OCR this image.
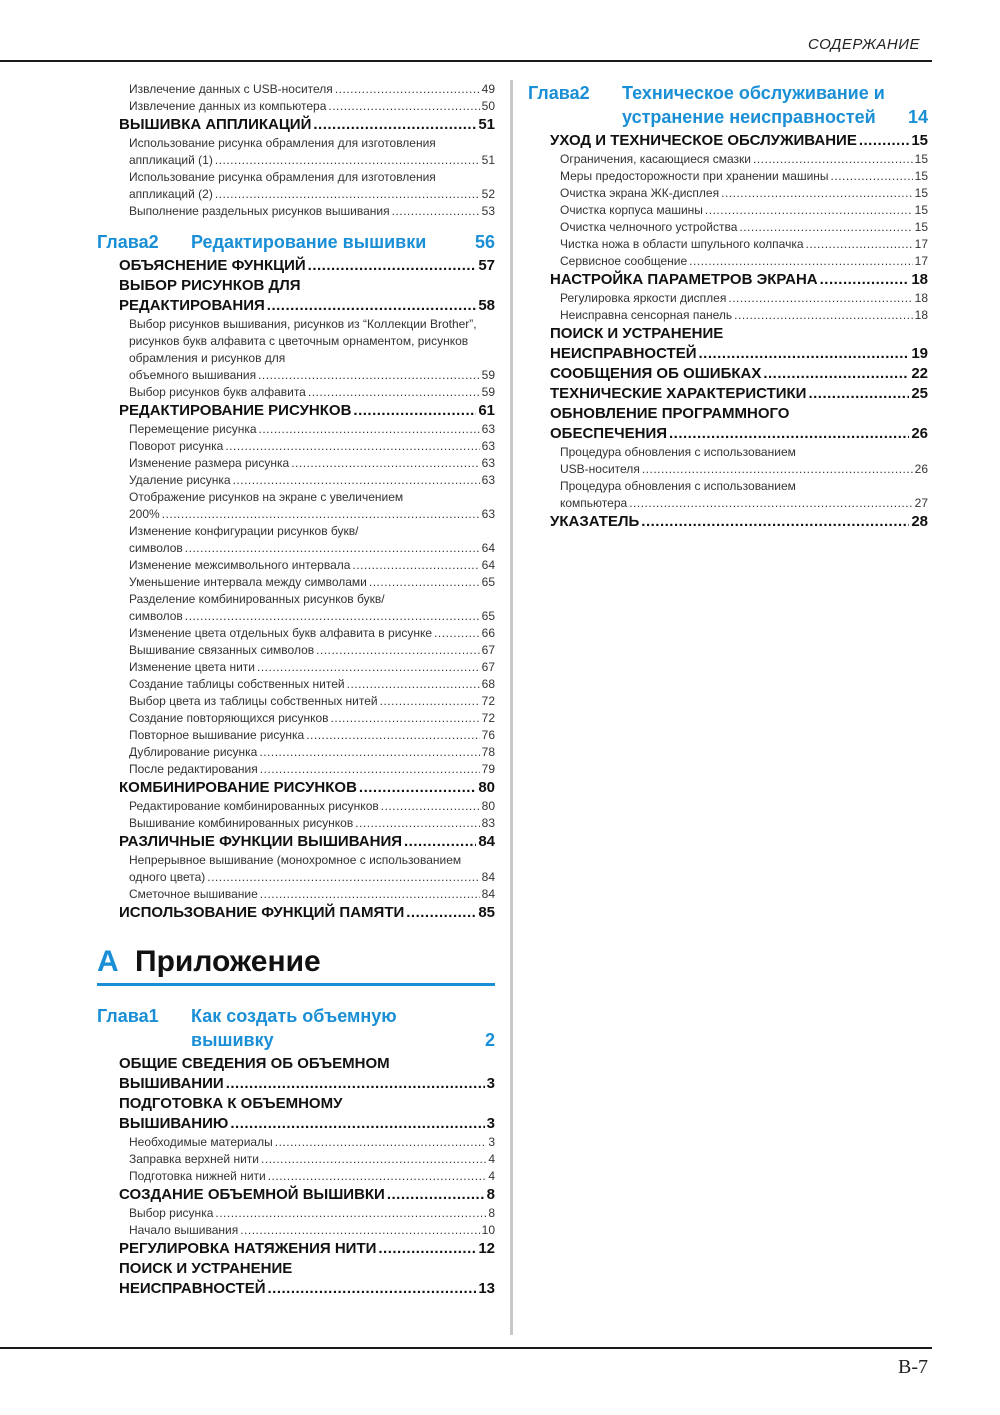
СОДЕРЖАНИЕ
Извлечение данных с USB-носителя .....	49
Извлечение данных из компьютера .....	50
ВЫШИВКА АППЛИКАЦИЙ .....	51
Использование рисунка обрамления для изготовления
аппликаций (1) .....	51
Использование рисунка обрамления для изготовления
аппликаций (2) .....	52
Выполнение раздельных рисунков вышивания .....	53
Глава2	Редактирование вышивки	56
ОБЪЯСНЕНИЕ ФУНКЦИЙ .....	57
ВЫБОР РИСУНКОВ ДЛЯ
РЕДАКТИРОВАНИЯ .....	58
Выбор рисунков вышивания, рисунков из “Коллекции Brother”, рисунков букв алфавита с цветочным орнаментом, рисунков обрамления и рисунков для
объемного вышивания .....	59
Выбор рисунков букв алфавита .....	59
РЕДАКТИРОВАНИЕ РИСУНКОВ .....	61
Перемещение рисунка .....	63
Поворот рисунка .....	63
Изменение размера рисунка .....	63
Удаление рисунка .....	63
Отображение рисунков на экране с увеличением
200% .....	63
Изменение конфигурации рисунков букв/
символов .....	64
Изменение межсимвольного интервала .....	64
Уменьшение интервала между символами .....	65
Разделение комбинированных рисунков букв/
символов .....	65
Изменение цвета отдельных букв алфавита в рисунке .....	66
Вышивание связанных символов .....	67
Изменение цвета нити .....	67
Создание таблицы собственных нитей .....	68
Выбор цвета из таблицы собственных нитей .....	72
Создание повторяющихся рисунков .....	72
Повторное вышивание рисунка .....	76
Дублирование рисунка .....	78
После редактирования .....	79
КОМБИНИРОВАНИЕ РИСУНКОВ .....	80
Редактирование комбинированных рисунков .....	80
Вышивание комбинированных рисунков .....	83
РАЗЛИЧНЫЕ ФУНКЦИИ ВЫШИВАНИЯ .....	84
Непрерывное вышивание (монохромное с использованием
одного цвета) .....	84
Сметочное вышивание .....	84
ИСПОЛЬЗОВАНИЕ ФУНКЦИЙ ПАМЯТИ .....	85
A Приложение
Глава1	Как создать объемную
вышивку	2
ОБЩИЕ СВЕДЕНИЯ ОБ ОБЪЕМНОМ
ВЫШИВАНИИ .....	3
ПОДГОТОВКА К ОБЪЕМНОМУ
ВЫШИВАНИЮ .....	3
Необходимые материалы .....	3
Заправка верхней нити .....	4
Подготовка нижней нити .....	4
СОЗДАНИЕ ОБЪЕМНОЙ ВЫШИВКИ .....	8
Выбор рисунка .....	8
Начало вышивания .....	10
РЕГУЛИРОВКА НАТЯЖЕНИЯ НИТИ .....	12
ПОИСК И УСТРАНЕНИЕ
НЕИСПРАВНОСТЕЙ .....	13
Глава2	Техническое обслуживание и
устранение неисправностей	14
УХОД И ТЕХНИЧЕСКОЕ ОБСЛУЖИВАНИЕ .....	15
Ограничения, касающиеся смазки .....	15
Меры предосторожности при хранении машины .....	15
Очистка экрана ЖК-дисплея .....	15
Очистка корпуса машины .....	15
Очистка челночного устройства .....	15
Чистка ножа в области шпульного колпачка .....	17
Сервисное сообщение .....	17
НАСТРОЙКА ПАРАМЕТРОВ ЭКРАНА .....	18
Регулировка яркости дисплея .....	18
Неисправна сенсорная панель .....	18
ПОИСК И УСТРАНЕНИЕ
НЕИСПРАВНОСТЕЙ .....	19
СООБЩЕНИЯ ОБ ОШИБКАХ .....	22
ТЕХНИЧЕСКИЕ ХАРАКТЕРИСТИКИ .....	25
ОБНОВЛЕНИЕ ПРОГРАММНОГО
ОБЕСПЕЧЕНИЯ .....	26
Процедура обновления с использованием
USB-носителя .....	26
Процедура обновления с использованием
компьютера .....	27
УКАЗАТЕЛЬ .....	28
B-7
